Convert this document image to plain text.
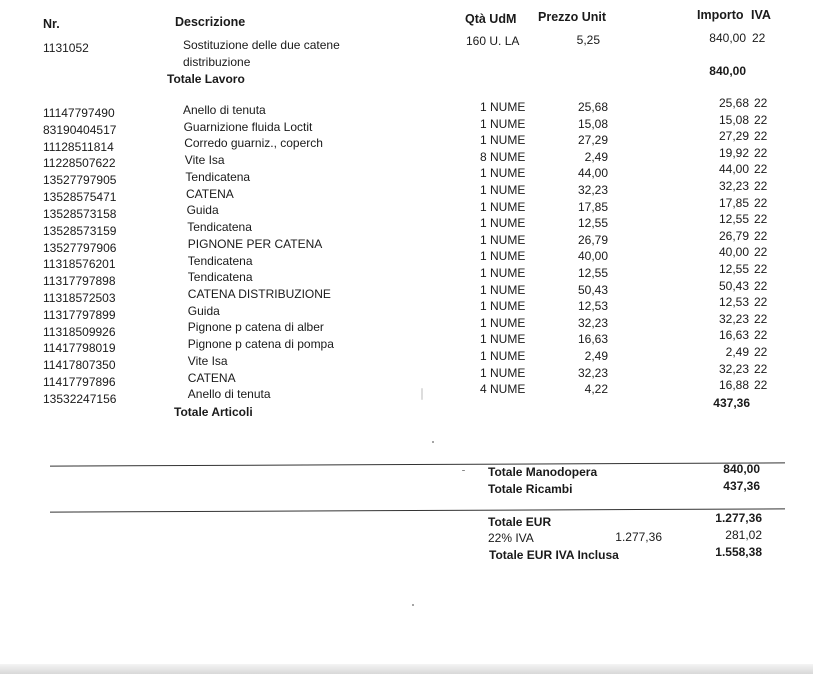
Nr.	Descrizione	Qtà UdM Prezzo Unit	Importo IVA
1131052	Sostituzione delle due catene
distribuzione
160 U. LA	5,25	840,00 22
Totale Lavoro
840,00
11147797490	Anello di tenuta	1 NUME	25,68	25,68 22
83190404517	Guarnizione fluida Loctit	1 NUME	15,08	15,08 22
11128511814	Corredo guarniz., coperch	1 NUME	27,29	27,29 22
11228507622	Vite Isa	8 NUME	2,49	19,92 22
13527797905	Tendicatena	1 NUME	44,00	44,00 22
13528575471	CATENA	1 NUME	32,23	32,23 22
13528573158	Guida	1 NUME	17,85	17,85 22
13528573159	Tendicatena	1 NUME	12,55	12,55 22
13527797906	PIGNONE PER CATENA	1 NUME	26,79	26,79 22
11318576201	Tendicatena	1 NUME	40,00	40,00 22
11317797898	Tendicatena	1 NUME	12,55	12,55 22
11318572503	CATENA DISTRIBUZIONE	1 NUME	50,43	50,43 22
11317797899	Guida	1 NUME	12,53	12,53 22
11318509926	Pignone p catena di alber	1 NUME	32,23	32,23 22
11417798019	Pignone p catena di pompa	1 NUME	16,63	16,63 22
11417807350	Vite Isa	1 NUME	2,49	2,49 22
11417797896	CATENA	1 NUME	32,23	32,23 22
13532247156	Anello di tenuta	4 NUME	4,22	16,88 22
Totale Articoli
437,36
Totale Manodopera	840,00
Totale Ricambi	437,36
Totale EUR	1.277,36
22% IVA	1.277,36	281,02
Totale EUR IVA Inclusa	1.558,38
